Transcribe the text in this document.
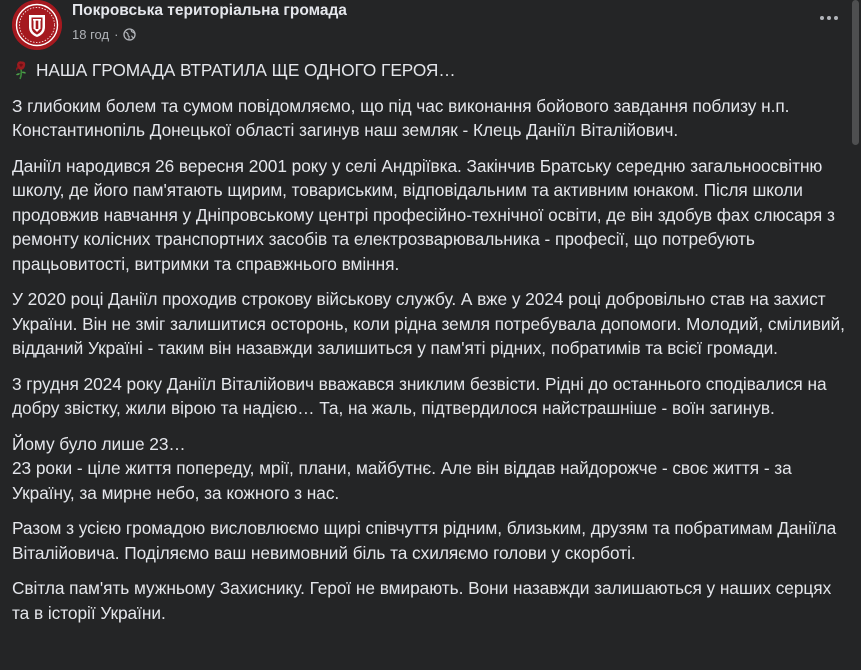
Покровська територіальна громада
18 год ·

НАША ГРОМАДА ВТРАТИЛА ЩЕ ОДНОГО ГЕРОЯ…

З глибоким болем та сумом повідомляємо, що під час виконання бойового завдання поблизу н.п. Константинопіль Донецької області загинув наш земляк - Клець Даніїл Віталійович.

Даніїл народився 26 вересня 2001 року у селі Андріївка. Закінчив Братську середню загальноосвітню школу, де його пам'ятають щирим, товариським, відповідальним та активним юнаком. Після школи продовжив навчання у Дніпровському центрі професійно-технічної освіти, де він здобув фах слюсаря з ремонту колісних транспортних засобів та електрозварювальника - професії, що потребують працьовитості, витримки та справжнього вміння.

У 2020 році Даніїл проходив строкову військову службу. А вже у 2024 році добровільно став на захист України. Він не зміг залишитися осторонь, коли рідна земля потребувала допомоги. Молодий, сміливий, відданий Україні - таким він назавжди залишиться у пам'яті рідних, побратимів та всієї громади.

3 грудня 2024 року Даніїл Віталійович вважався зниклим безвісти. Рідні до останнього сподівалися на добру звістку, жили вірою та надією… Та, на жаль, підтвердилося найстрашніше - воїн загинув.

Йому було лише 23…

23 роки - ціле життя попереду, мрії, плани, майбутнє. Але він віддав найдорожче - своє життя - за Україну, за мирне небо, за кожного з нас.

Разом з усією громадою висловлюємо щирі співчуття рідним, близьким, друзям та побратимам Даніїла Віталійовича. Поділяємо ваш невимовний біль та схиляємо голови у скорботі.

Світла пам'ять мужньому Захиснику. Герої не вмирають. Вони назавжди залишаються у наших серцях та в історії України.
